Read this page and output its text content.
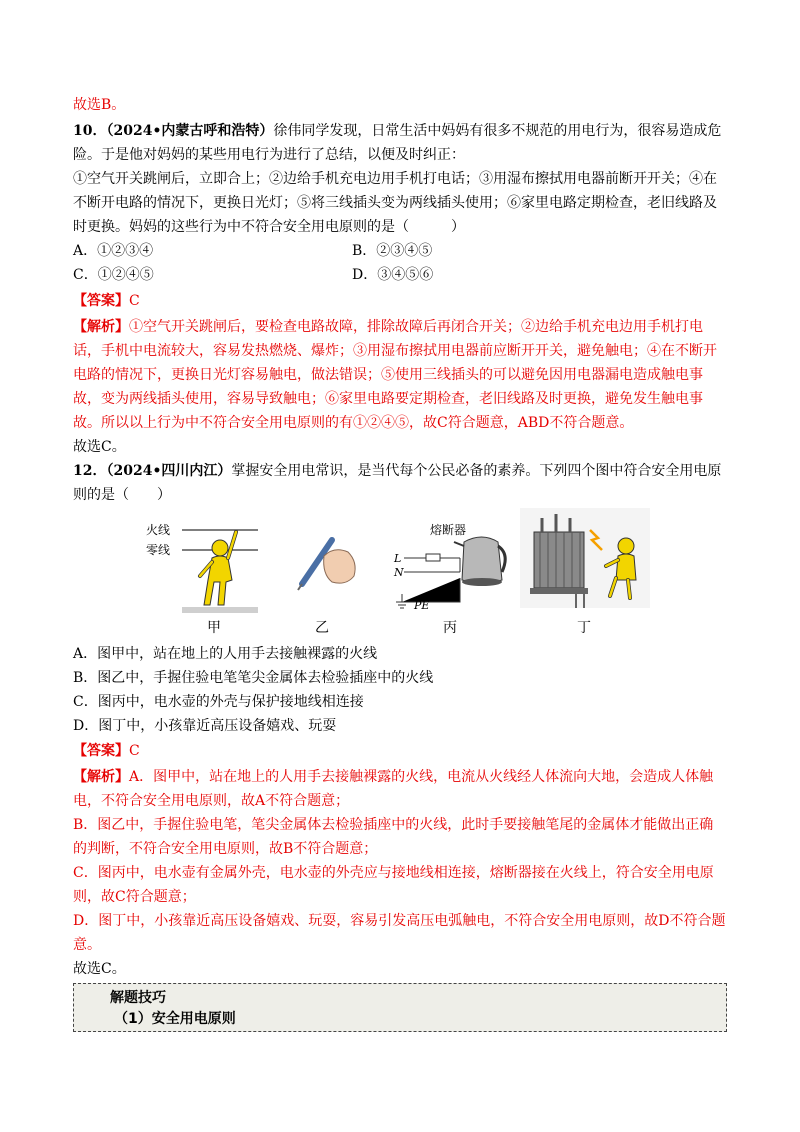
故选B。
10．（2024•内蒙古呼和浩特）徐伟同学发现，日常生活中妈妈有很多不规范的用电行为，很容易造成危
险。于是他对妈妈的某些用电行为进行了总结，以便及时纠正：
①空气开关跳闸后，立即合上；②边给手机充电边用手机打电话；③用湿布擦拭用电器前断开开关；④在
不断开电路的情况下，更换日光灯；⑤将三线插头变为两线插头使用；⑥家里电路定期检查，老旧线路及
时更换。妈妈的这些行为中不符合安全用电原则的是（　　　）
A．①②③④	B．②③④⑤
C．①②④⑤	D．③④⑤⑥
【答案】C
【解析】①空气开关跳闸后，要检查电路故障，排除故障后再闭合开关；②边给手机充电边用手机打电
话，手机中电流较大，容易发热燃烧、爆炸；③用湿布擦拭用电器前应断开开关，避免触电；④在不断开
电路的情况下，更换日光灯容易触电，做法错误；⑤使用三线插头的可以避免因用电器漏电造成触电事
故，变为两线插头使用，容易导致触电；⑥家里电路要定期检查，老旧线路及时更换，避免发生触电事
故。所以以上行为中不符合安全用电原则的有①②④⑤，故C符合题意，ABD不符合题意。
故选C。
12．（2024•四川内江）掌握安全用电常识，是当代每个公民必备的素养。下列四个图中符合安全用电原
则的是（　　）
火线
零线
熔断器
L
N
PE
甲	乙	丙	丁
A．图甲中，站在地上的人用手去接触裸露的火线
B．图乙中，手握住验电笔笔尖金属体去检验插座中的火线
C．图丙中，电水壶的外壳与保护接地线相连接
D．图丁中，小孩靠近高压设备嬉戏、玩耍
【答案】C
【解析】A．图甲中，站在地上的人用手去接触裸露的火线，电流从火线经人体流向大地，会造成人体触
电，不符合安全用电原则，故A不符合题意；
B．图乙中，手握住验电笔，笔尖金属体去检验插座中的火线，此时手要接触笔尾的金属体才能做出正确
的判断，不符合安全用电原则，故B不符合题意；
C．图丙中，电水壶有金属外壳，电水壶的外壳应与接地线相连接，熔断器接在火线上，符合安全用电原
则，故C符合题意；
D．图丁中，小孩靠近高压设备嬉戏、玩耍，容易引发高压电弧触电，不符合安全用电原则，故D不符合题
意。
故选C。
解题技巧
（1）安全用电原则
